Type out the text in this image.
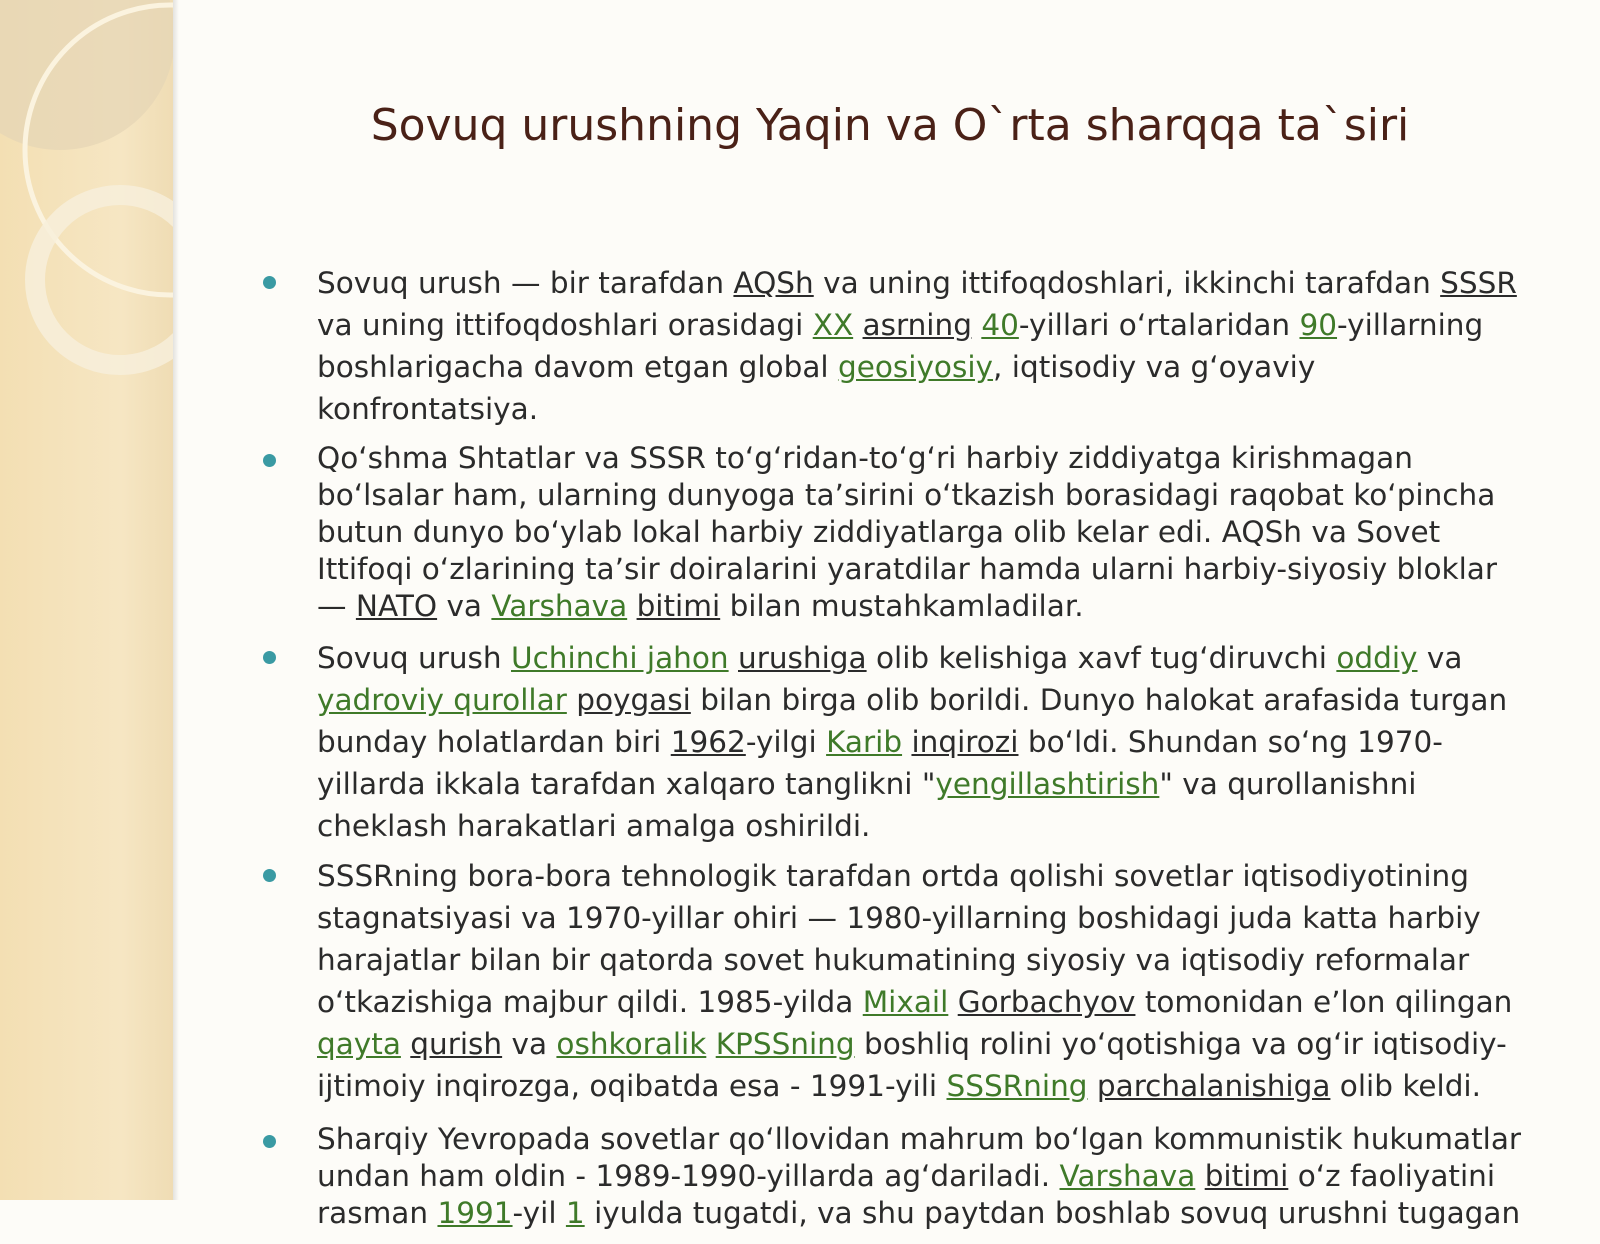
Sovuq urushning Yaqin va O`rta sharqqa ta`siri
Sovuq urush — bir tarafdan AQSh va uning ittifoqdoshlari, ikkinchi tarafdan SSSR va uning ittifoqdoshlari orasidagi XX asrning 40-yillari oʻrtalaridan 90-yillarning boshlarigacha davom etgan global geosiyosiy, iqtisodiy va gʻoyaviy konfrontatsiya.
Qoʻshma Shtatlar va SSSR toʻgʻridan-toʻgʻri harbiy ziddiyatga kirishmagan boʻlsalar ham, ularning dunyoga taʼsirini oʻtkazish borasidagi raqobat koʻpincha butun dunyo boʻylab lokal harbiy ziddiyatlarga olib kelar edi. AQSh va Sovet Ittifoqi oʻzlarining taʼsir doiralarini yaratdilar hamda ularni harbiy-siyosiy bloklar — NATO va Varshava bitimi bilan mustahkamladilar.
Sovuq urush Uchinchi jahon urushiga olib kelishiga xavf tugʻdiruvchi oddiy va yadroviy qurollar poygasi bilan birga olib borildi. Dunyo halokat arafasida turgan bunday holatlardan biri 1962-yilgi Karib inqirozi boʻldi. Shundan soʻng 1970-yillarda ikkala tarafdan xalqaro tanglikni "yengillashtirish" va qurollanishni cheklash harakatlari amalga oshirildi.
SSSRning bora-bora tehnologik tarafdan ortda qolishi sovetlar iqtisodiyotining stagnatsiyasi va 1970-yillar ohiri — 1980-yillarning boshidagi juda katta harbiy harajatlar bilan bir qatorda sovet hukumatining siyosiy va iqtisodiy reformalar oʻtkazishiga majbur qildi. 1985-yilda Mixail Gorbachyov tomonidan eʼlon qilingan qayta qurish va oshkoralik KPSSning boshliq rolini yoʻqotishiga va ogʻir iqtisodiy-ijtimoiy inqirozga, oqibatda esa - 1991-yili SSSRning parchalanishiga olib keldi.
Sharqiy Yevropada sovetlar qoʻllovidan mahrum boʻlgan kommunistik hukumatlar undan ham oldin - 1989-1990-yillarda agʻdariladi. Varshava bitimi oʻz faoliyatini rasman 1991-yil 1 iyulda tugatdi, va shu paytdan boshlab sovuq urushni tugagan
